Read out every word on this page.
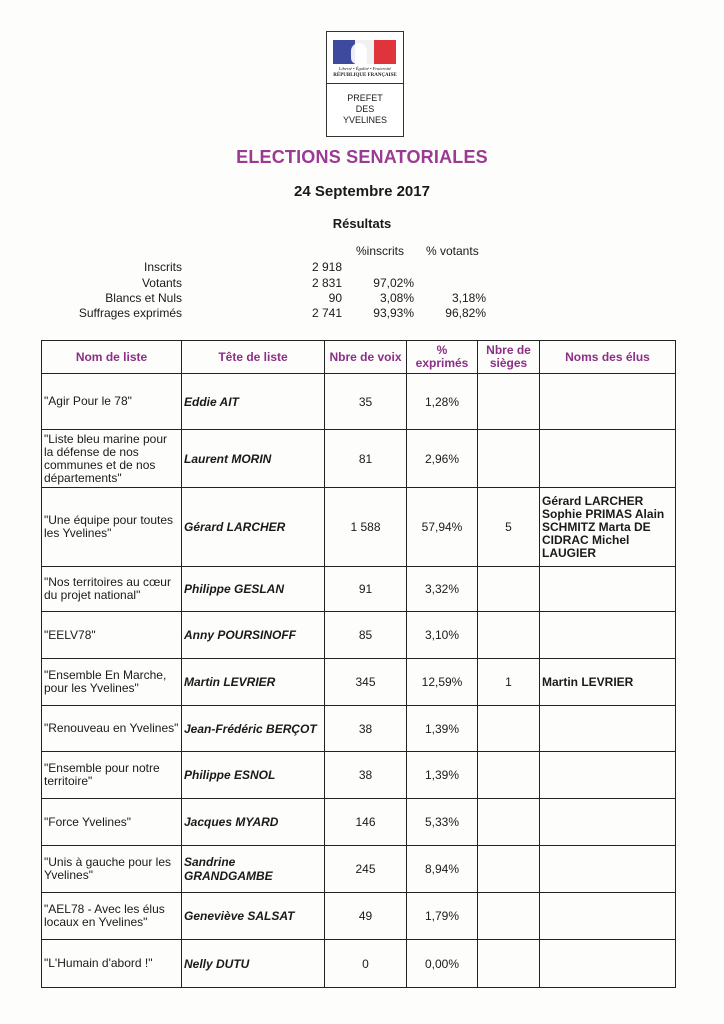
Liberté • Égalité • Fraternité
RÉPUBLIQUE FRANÇAISE
PREFET
DES
YVELINES
ELECTIONS SENATORIALES
24 Septembre 2017
Résultats
%inscrits % votants
Inscrits	2 918
Votants	2 831	97,02%
Blancs et Nuls	90	3,08%	3,18%
Suffrages exprimés	2 741	93,93%	96,82%
Nom de liste	Tête de liste	Nbre de voix	% exprimés	Nbre de sièges	Noms des élus
"Agir Pour le 78"	Eddie AIT	35	1,28%		
"Liste bleu marine pour la défense de nos communes et de nos départements"	Laurent MORIN	81	2,96%		
"Une équipe pour toutes les Yvelines"	Gérard LARCHER	1 588	57,94%	5	Gérard LARCHER Sophie PRIMAS Alain SCHMITZ Marta DE CIDRAC Michel LAUGIER
"Nos territoires au cœur du projet national"	Philippe GESLAN	91	3,32%		
"EELV78"	Anny POURSINOFF	85	3,10%		
"Ensemble En Marche, pour les Yvelines"	Martin LEVRIER	345	12,59%	1	Martin LEVRIER
"Renouveau en Yvelines"	Jean-Frédéric BERÇOT	38	1,39%		
"Ensemble pour notre territoire"	Philippe ESNOL	38	1,39%		
"Force Yvelines"	Jacques MYARD	146	5,33%		
"Unis à gauche pour les Yvelines"	Sandrine GRANDGAMBE	245	8,94%		
"AEL78 - Avec les élus locaux en Yvelines"	Geneviève SALSAT	49	1,79%		
"L'Humain d'abord !"	Nelly DUTU	0	0,00%		
